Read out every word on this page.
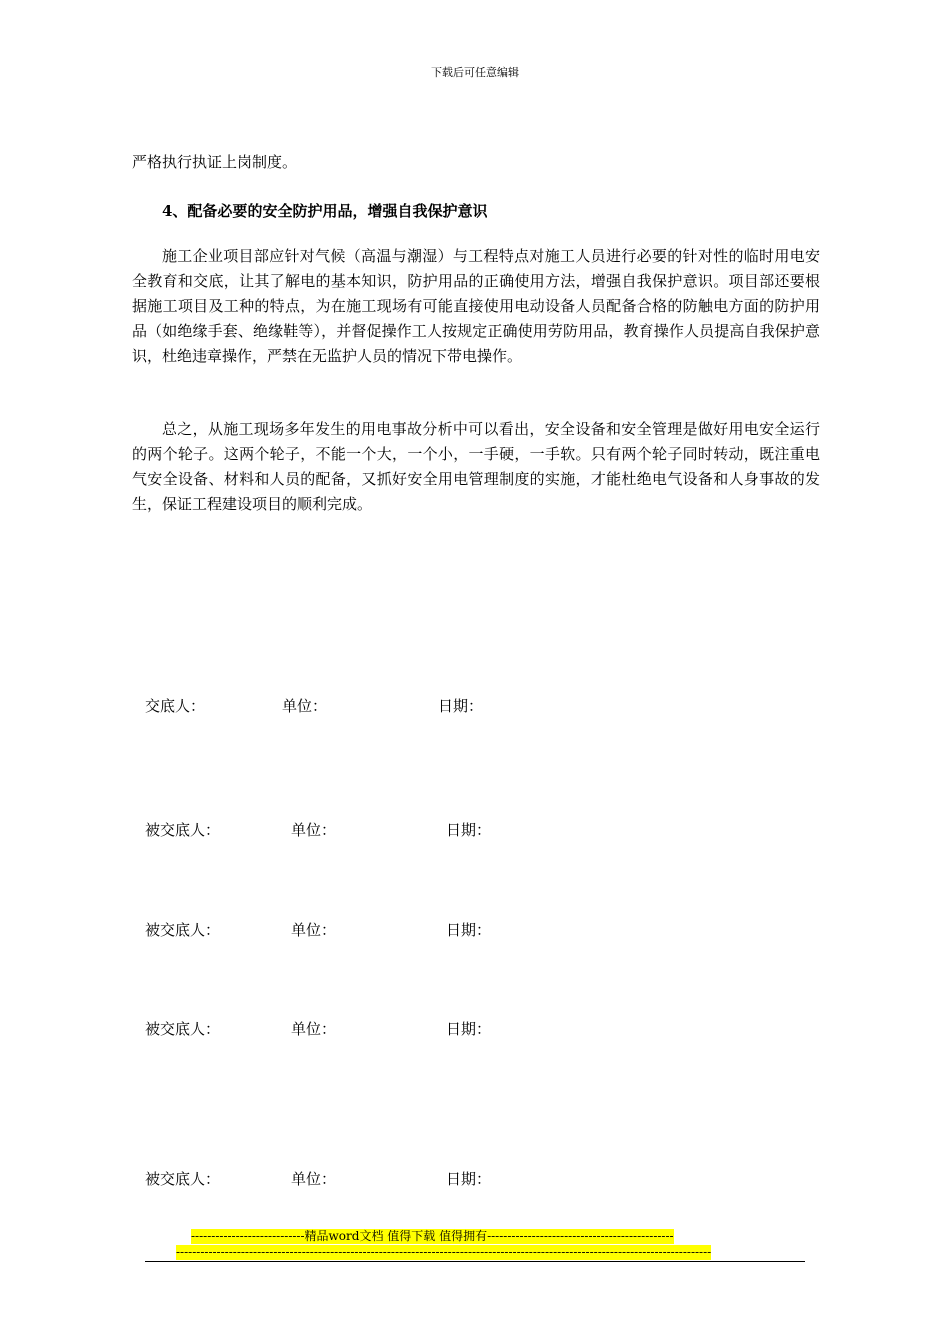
下载后可任意编辑

严格执行执证上岗制度。

4、配备必要的安全防护用品，增强自我保护意识

施工企业项目部应针对气候（高温与潮湿）与工程特点对施工人员进行必要的针对性的临时用电安全教育和交底，让其了解电的基本知识，防护用品的正确使用方法，增强自我保护意识。项目部还要根据施工项目及工种的特点，为在施工现场有可能直接使用电动设备人员配备合格的防触电方面的防护用品（如绝缘手套、绝缘鞋等），并督促操作工人按规定正确使用劳防用品，教育操作人员提高自我保护意识，杜绝违章操作，严禁在无监护人员的情况下带电操作。

总之，从施工现场多年发生的用电事故分析中可以看出，安全设备和安全管理是做好用电安全运行的两个轮子。这两个轮子，不能一个大，一个小，一手硬，一手软。只有两个轮子同时转动，既注重电气安全设备、材料和人员的配备，又抓好安全用电管理制度的实施，才能杜绝电气设备和人身事故的发生，保证工程建设项目的顺利完成。

交底人：	单位：	日期：
被交底人：	单位：	日期：
被交底人：	单位：	日期：
被交底人：	单位：	日期：
被交底人：	单位：	日期：
----------------------------精品word文档 值得下载 值得拥有----------------------------------------------
------------------------------------------------------------------------------------------------------------------------------------
